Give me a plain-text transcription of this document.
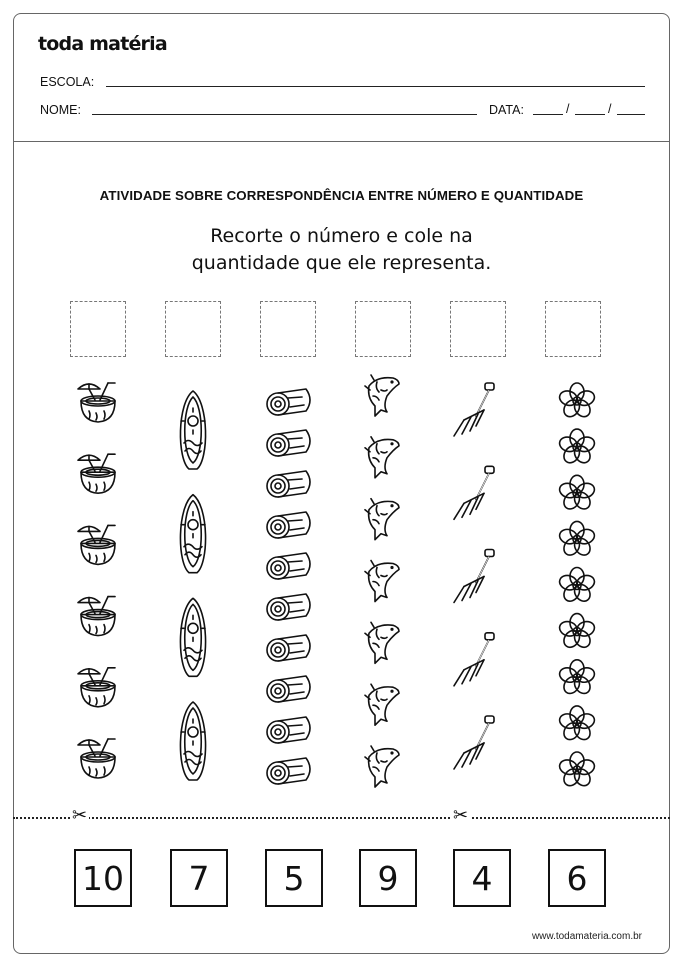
toda matéria
ESCOLA:
NOME:	DATA:	/	/
ATIVIDADE SOBRE CORRESPONDÊNCIA ENTRE NÚMERO E QUANTIDADE
Recorte o número e cole na
quantidade que ele representa.
✂	✂
10	7	5	9	4	6
www.todamateria.com.br
